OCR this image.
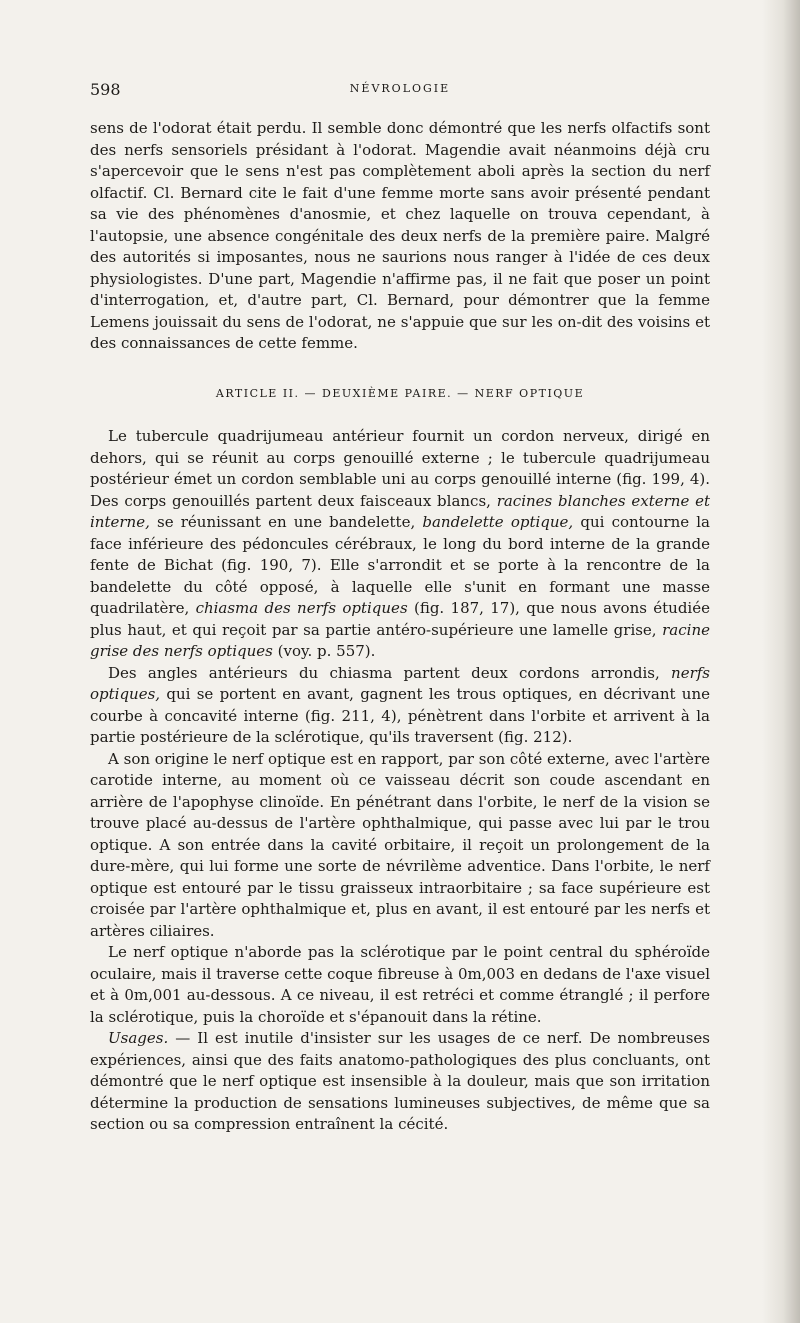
598	NÉVROLOGIE

sens de l'odorat était perdu. Il semble donc démontré que les nerfs olfactifs sont des nerfs sensoriels présidant à l'odorat. Magendie avait néanmoins déjà cru s'apercevoir que le sens n'est pas complètement aboli après la section du nerf olfactif. Cl. Bernard cite le fait d'une femme morte sans avoir présenté pendant sa vie des phénomènes d'anosmie, et chez laquelle on trouva cependant, à l'autopsie, une absence congénitale des deux nerfs de la première paire. Malgré des autorités si imposantes, nous ne saurions nous ranger à l'idée de ces deux physiologistes. D'une part, Magendie n'affirme pas, il ne fait que poser un point d'interrogation, et, d'autre part, Cl. Bernard, pour démontrer que la femme Lemens jouissait du sens de l'odorat, ne s'appuie que sur les on-dit des voisins et des connaissances de cette femme.

ARTICLE II. — DEUXIÈME PAIRE. — NERF OPTIQUE

Le tubercule quadrijumeau antérieur fournit un cordon nerveux, dirigé en dehors, qui se réunit au corps genouillé externe ; le tubercule quadrijumeau postérieur émet un cordon semblable uni au corps genouillé interne (fig. 199, 4). Des corps genouillés partent deux faisceaux blancs, racines blanches externe et interne, se réunissant en une bandelette, bandelette optique, qui contourne la face inférieure des pédoncules cérébraux, le long du bord interne de la grande fente de Bichat (fig. 190, 7). Elle s'arrondit et se porte à la rencontre de la bandelette du côté opposé, à laquelle elle s'unit en formant une masse quadrilatère, chiasma des nerfs optiques (fig. 187, 17), que nous avons étudiée plus haut, et qui reçoit par sa partie antéro-supérieure une lamelle grise, racine grise des nerfs optiques (voy. p. 557).

Des angles antérieurs du chiasma partent deux cordons arrondis, nerfs optiques, qui se portent en avant, gagnent les trous optiques, en décrivant une courbe à concavité interne (fig. 211, 4), pénètrent dans l'orbite et arrivent à la partie postérieure de la sclérotique, qu'ils traversent (fig. 212).

A son origine le nerf optique est en rapport, par son côté externe, avec l'artère carotide interne, au moment où ce vaisseau décrit son coude ascendant en arrière de l'apophyse clinoïde. En pénétrant dans l'orbite, le nerf de la vision se trouve placé au-dessus de l'artère ophthalmique, qui passe avec lui par le trou optique. A son entrée dans la cavité orbitaire, il reçoit un prolongement de la dure-mère, qui lui forme une sorte de névrilème adventice. Dans l'orbite, le nerf optique est entouré par le tissu graisseux intraorbitaire ; sa face supérieure est croisée par l'artère ophthalmique et, plus en avant, il est entouré par les nerfs et artères ciliaires.

Le nerf optique n'aborde pas la sclérotique par le point central du sphéroïde oculaire, mais il traverse cette coque fibreuse à 0m,003 en dedans de l'axe visuel et à 0m,001 au-dessous. A ce niveau, il est retréci et comme étranglé ; il perfore la sclérotique, puis la choroïde et s'épanouit dans la rétine.

Usages. — Il est inutile d'insister sur les usages de ce nerf. De nombreuses expériences, ainsi que des faits anatomo-pathologiques des plus concluants, ont démontré que le nerf optique est insensible à la douleur, mais que son irritation détermine la production de sensations lumineuses subjectives, de même que sa section ou sa compression entraînent la cécité.
